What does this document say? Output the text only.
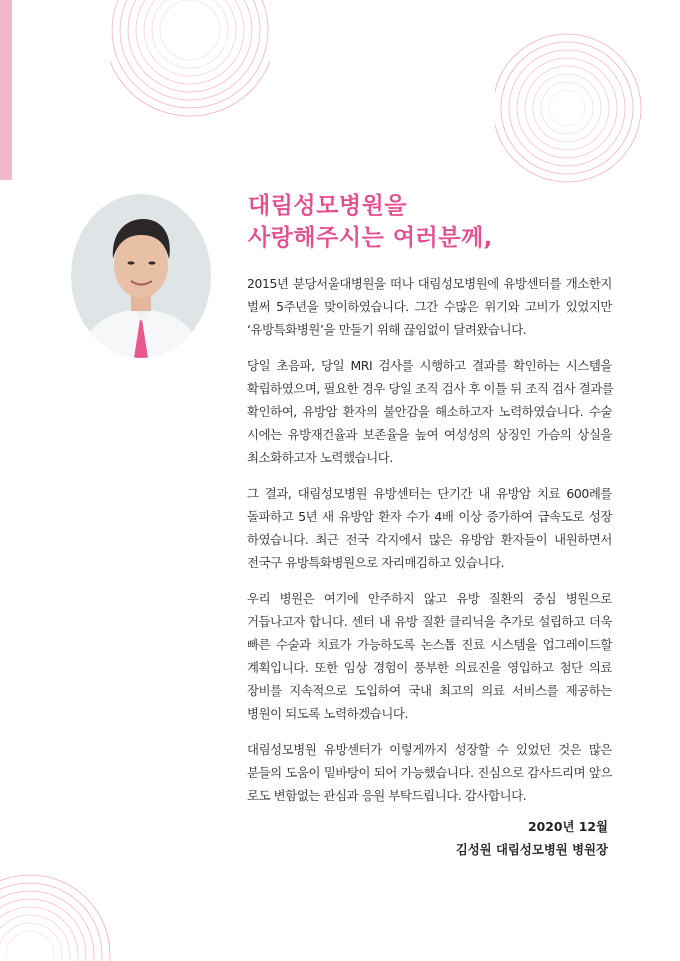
대림성모병원을
사랑해주시는 여러분께,

2015년 분당서울대병원을 떠나 대림성모병원에 유방센터를 개소한지
벌써 5주년을 맞이하였습니다. 그간 수많은 위기와 고비가 있었지만
‘유방특화병원’을 만들기 위해 끊임없이 달려왔습니다.

당일 초음파, 당일 MRI 검사를 시행하고 결과를 확인하는 시스템을
확립하였으며, 필요한 경우 당일 조직 검사 후 이틀 뒤 조직 검사 결과를
확인하여, 유방암 환자의 불안감을 해소하고자 노력하였습니다. 수술
시에는 유방재건율과 보존율을 높여 여성성의 상징인 가슴의 상실을
최소화하고자 노력했습니다.

그 결과, 대림성모병원 유방센터는 단기간 내 유방암 치료 600례를
돌파하고 5년 새 유방암 환자 수가 4배 이상 증가하여 급속도로 성장
하였습니다. 최근 전국 각지에서 많은 유방암 환자들이 내원하면서
전국구 유방특화병원으로 자리매김하고 있습니다.

우리 병원은 여기에 안주하지 않고 유방 질환의 중심 병원으로
거듭나고자 합니다. 센터 내 유방 질환 클리닉을 추가로 설립하고 더욱
빠른 수술과 치료가 가능하도록 논스톱 진료 시스템을 업그레이드할
계획입니다. 또한 임상 경험이 풍부한 의료진을 영입하고 첨단 의료
장비를 지속적으로 도입하여 국내 최고의 의료 서비스를 제공하는
병원이 되도록 노력하겠습니다.

대림성모병원 유방센터가 이렇게까지 성장할 수 있었던 것은 많은
분들의 도움이 밑바탕이 되어 가능했습니다. 진심으로 감사드리며 앞으
로도 변함없는 관심과 응원 부탁드립니다. 감사합니다.

2020년 12월
김성원 대림성모병원 병원장
